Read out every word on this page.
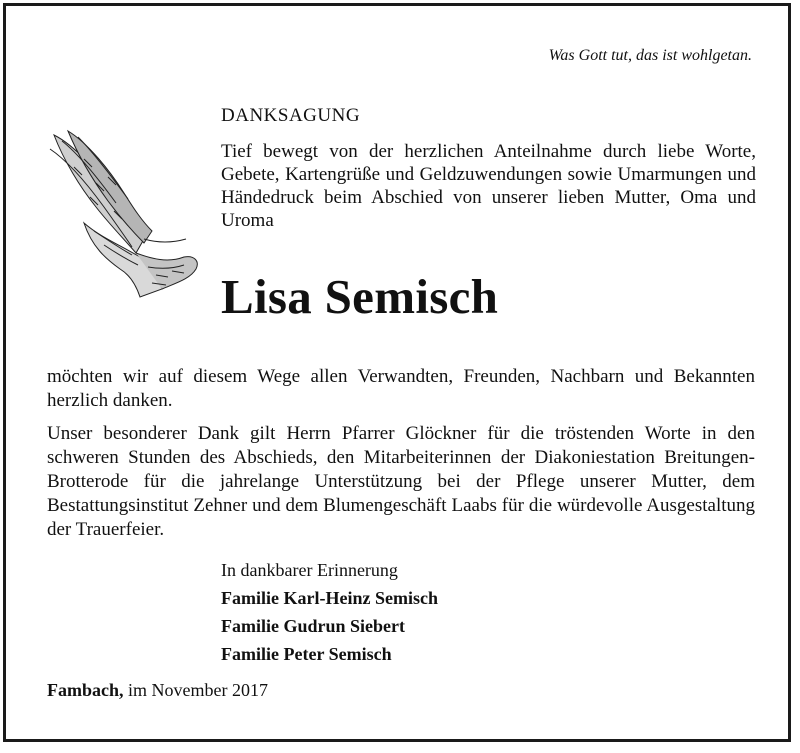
Was Gott tut, das ist wohlgetan.
DANKSAGUNG
Tief bewegt von der herzlichen Anteilnahme durch liebe Worte, Gebete, Kartengrüße und Geldzuwendungen sowie Umarmungen und Händedruck beim Abschied von unserer lieben Mutter, Oma und Uroma
Lisa Semisch

möchten wir auf diesem Wege allen Verwandten, Freunden, Nachbarn und Bekannten herzlich danken.

Unser besonderer Dank gilt Herrn Pfarrer Glöckner für die tröstenden Worte in den schweren Stunden des Abschieds, den Mitarbeiterinnen der Diakoniestation Breitungen-Brotterode für die jahrelange Unterstützung bei der Pflege unserer Mutter, dem Bestattungsinstitut Zehner und dem Blumengeschäft Laabs für die würdevolle Ausgestaltung der Trauerfeier.

In dankbarer Erinnerung
Familie Karl-Heinz Semisch
Familie Gudrun Siebert
Familie Peter Semisch
Fambach, im November 2017
